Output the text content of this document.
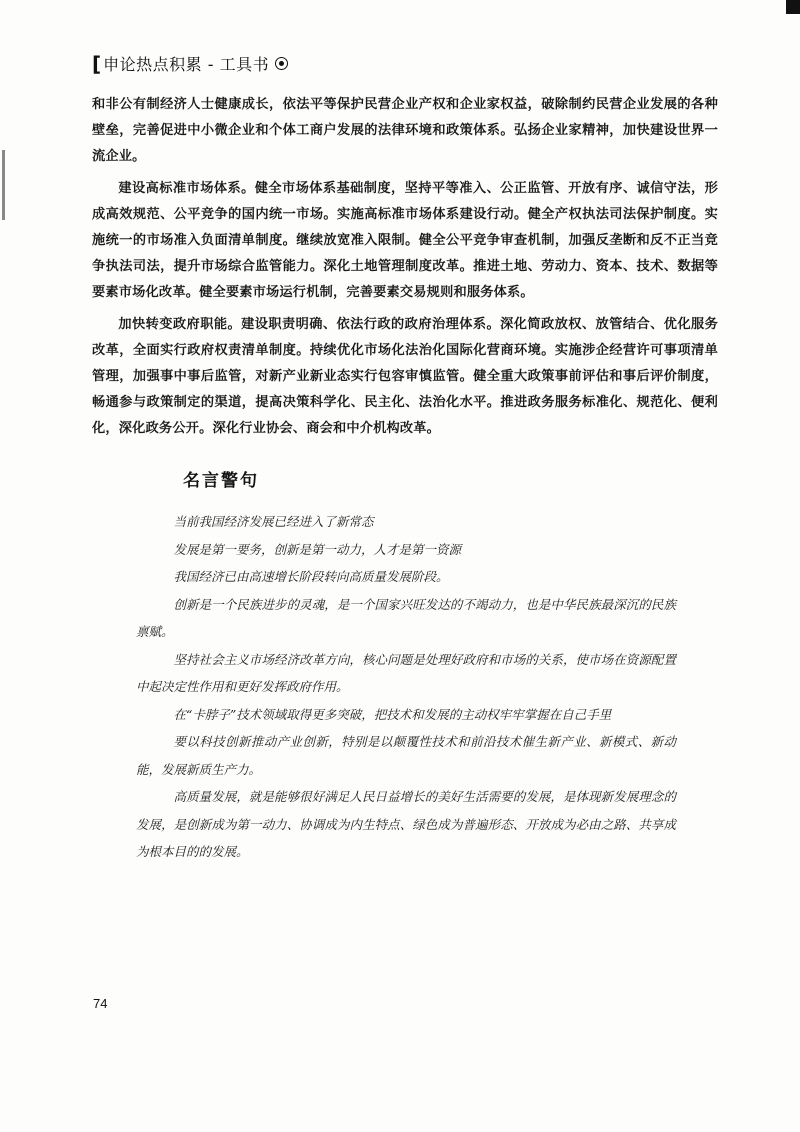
[ 申论热点积累 - 工具书

和非公有制经济人士健康成长，依法平等保护民营企业产权和企业家权益，破除制约民营企业发展的各种壁垒，完善促进中小微企业和个体工商户发展的法律环境和政策体系。弘扬企业家精神，加快建设世界一流企业。

建设高标准市场体系。健全市场体系基础制度，坚持平等准入、公正监管、开放有序、诚信守法，形成高效规范、公平竞争的国内统一市场。实施高标准市场体系建设行动。健全产权执法司法保护制度。实施统一的市场准入负面清单制度。继续放宽准入限制。健全公平竞争审查机制，加强反垄断和反不正当竞争执法司法，提升市场综合监管能力。深化土地管理制度改革。推进土地、劳动力、资本、技术、数据等要素市场化改革。健全要素市场运行机制，完善要素交易规则和服务体系。

加快转变政府职能。建设职责明确、依法行政的政府治理体系。深化简政放权、放管结合、优化服务改革，全面实行政府权责清单制度。持续优化市场化法治化国际化营商环境。实施涉企经营许可事项清单管理，加强事中事后监管，对新产业新业态实行包容审慎监管。健全重大政策事前评估和事后评价制度，畅通参与政策制定的渠道，提高决策科学化、民主化、法治化水平。推进政务服务标准化、规范化、便利化，深化政务公开。深化行业协会、商会和中介机构改革。

名言警句

当前我国经济发展已经进入了新常态

发展是第一要务，创新是第一动力，人才是第一资源

我国经济已由高速增长阶段转向高质量发展阶段。

创新是一个民族进步的灵魂，是一个国家兴旺发达的不竭动力，也是中华民族最深沉的民族禀赋。

坚持社会主义市场经济改革方向，核心问题是处理好政府和市场的关系，使市场在资源配置中起决定性作用和更好发挥政府作用。

在“卡脖子”技术领域取得更多突破，把技术和发展的主动权牢牢掌握在自己手里

要以科技创新推动产业创新，特别是以颠覆性技术和前沿技术催生新产业、新模式、新动能，发展新质生产力。

高质量发展，就是能够很好满足人民日益增长的美好生活需要的发展，是体现新发展理念的发展，是创新成为第一动力、协调成为内生特点、绿色成为普遍形态、开放成为必由之路、共享成为根本目的的发展。

74
